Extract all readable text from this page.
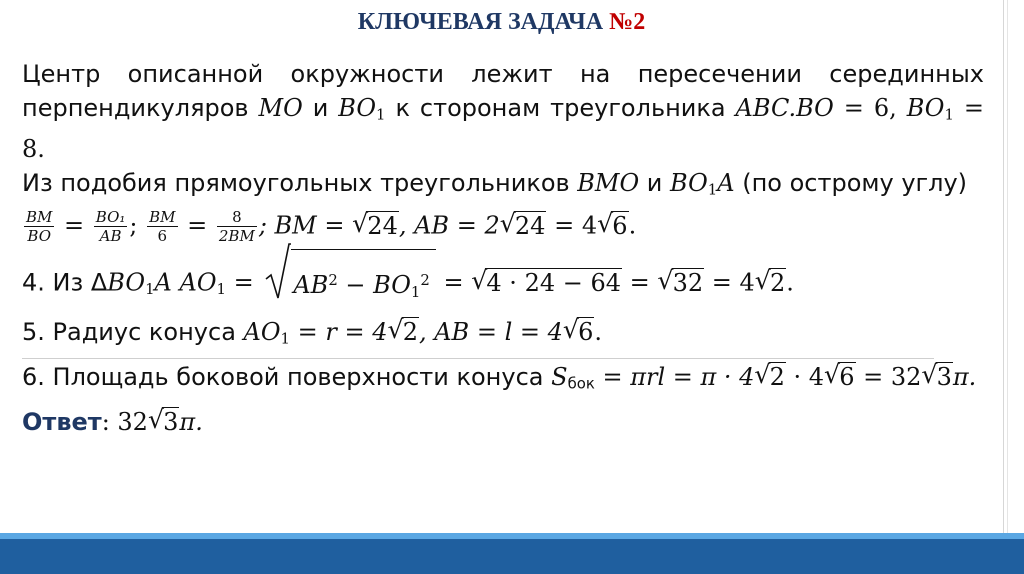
КЛЮЧЕВАЯ ЗАДАЧА №2

Центр описанной окружности лежит на пересечении серединных перпендикуляров MO и $BO_1$ к сторонам треугольника ABC.BO = 6, $BO_1 = 8$.

Из подобия прямоугольных треугольников BMO и $BO_1A$ (по острому углу)

$\frac{BM}{BO} = \frac{\text{BO₁}}{AB}$ ; $\frac{BM}{6} = \frac{8}{2BM}$ ; BM = √ 24, AB = 2√ 24 = 4√ 6.

4. Из $\Delta BO_1A$ $AO_1$ =
$AB^2 - BO_1^2$ = √ 4 · 24 − 64 = √ 32 = 4√ 2.

5. Радиус конуса $AO_1 = r = 4√$ 2, AB = l = 4√ 6.

6. Площадь боковой поверхности конуса $S_{бок} = \pi rl = \pi \cdot 4√$ 2 · 4√ 6 = 32√ 3π.

Ответ: 32√ 3π.
